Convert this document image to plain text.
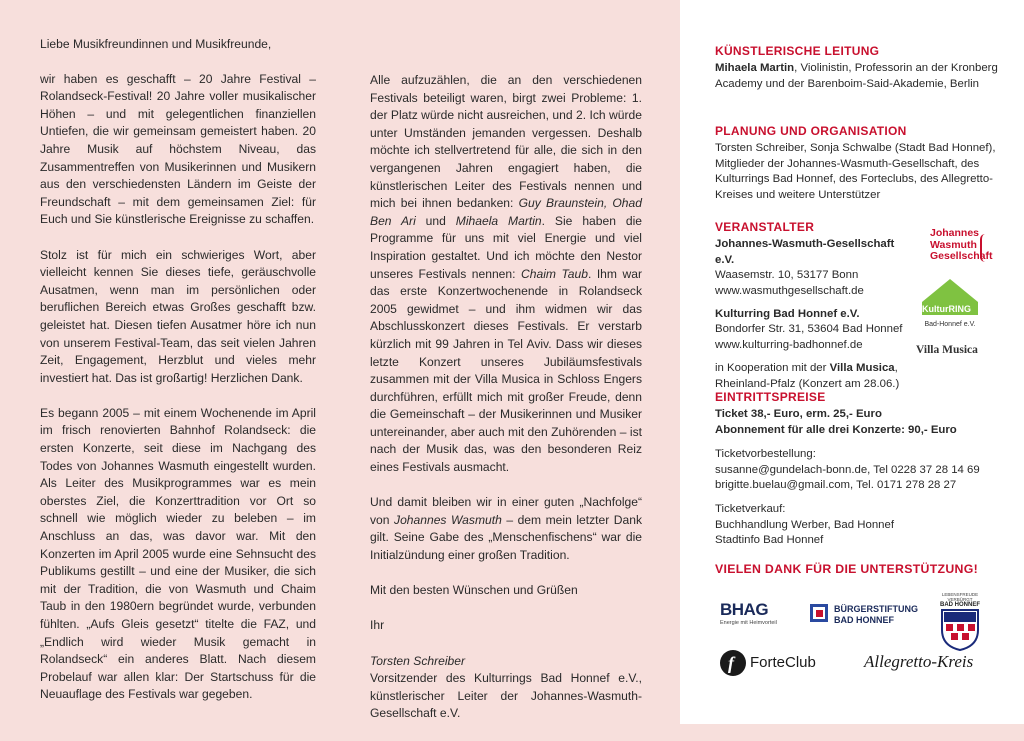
Liebe Musikfreundinnen und Musikfreunde,

wir haben es geschafft – 20 Jahre Festival – Rolandseck-Festival! 20 Jahre voller musikalischer Höhen – und mit gelegentlichen finanziellen Untiefen, die wir gemeinsam gemeistert haben. 20 Jahre Musik auf höchstem Niveau, das Zusammentreffen von Musikerinnen und Musikern aus den verschiedensten Ländern im Geiste der Freundschaft – mit dem gemeinsamen Ziel: für Euch und Sie künstlerische Ereignisse zu schaffen.

Stolz ist für mich ein schwieriges Wort, aber vielleicht kennen Sie dieses tiefe, geräuschvolle Ausatmen, wenn man im persönlichen oder beruflichen Bereich etwas Großes geschafft bzw. geleistet hat. Diesen tiefen Ausatmer höre ich nun von unserem Festival-Team, das seit vielen Jahren Zeit, Engagement, Herzblut und vieles mehr investiert hat. Das ist großartig! Herzlichen Dank.

Es begann 2005 – mit einem Wochenende im April im frisch renovierten Bahnhof Rolandseck: die ersten Konzerte, seit diese im Nachgang des Todes von Johannes Wasmuth eingestellt wurden. Als Leiter des Musikprogrammes war es mein oberstes Ziel, die Konzerttradition vor Ort so schnell wie möglich wieder zu beleben – im Anschluss an das, was davor war. Mit den Konzerten im April 2005 wurde eine Sehnsucht des Publikums gestillt – und eine der Musiker, die sich mit der Tradition, die von Wasmuth und Chaim Taub in den 1980ern begründet wurde, verbunden fühlten. „Aufs Gleis gesetzt“ titelte die FAZ, und „Endlich wird wieder Musik gemacht in Rolandseck“ ein anderes Blatt. Nach diesem Probelauf war allen klar: Der Startschuss für die Neuauflage des Festivals war gegeben.

Alle aufzuzählen, die an den verschiedenen Festivals beteiligt waren, birgt zwei Probleme: 1. der Platz würde nicht ausreichen, und 2. Ich würde unter Umständen jemanden vergessen. Deshalb möchte ich stellvertretend für alle, die sich in den vergangenen Jahren engagiert haben, die künstlerischen Leiter des Festivals nennen und mich bei ihnen bedanken: Guy Braunstein, Ohad Ben Ari und Mihaela Martin. Sie haben die Programme für uns mit viel Energie und viel Inspiration gestaltet. Und ich möchte den Nestor unseres Festivals nennen: Chaim Taub. Ihm war das erste Konzertwochenende in Rolandseck 2005 gewidmet – und ihm widmen wir das Abschlusskonzert dieses Festivals. Er verstarb kürzlich mit 99 Jahren in Tel Aviv. Dass wir dieses letzte Konzert unseres Jubiläumsfestivals zusammen mit der Villa Musica in Schloss Engers durchführen, erfüllt mich mit großer Freude, denn die Gemeinschaft – der Musikerinnen und Musiker untereinander, aber auch mit den Zuhörenden – ist nach der Musik das, was den besonderen Reiz eines Festivals ausmacht.

Und damit bleiben wir in einer guten „Nachfolge“ von Johannes Wasmuth – dem mein letzter Dank gilt. Seine Gabe des „Menschenfischens“ war die Initialzündung einer großen Tradition.

Mit den besten Wünschen und Grüßen

Ihr

Torsten Schreiber

Vorsitzender des Kulturrings Bad Honnef e.V., künstlerischer Leiter der Johannes-Wasmuth-Gesellschaft e.V.

KÜNSTLERISCHE LEITUNG

Mihaela Martin, Violinistin, Professorin an der Kronberg Academy und der Barenboim-Said-Akademie, Berlin

PLANUNG UND ORGANISATION

Torsten Schreiber, Sonja Schwalbe (Stadt Bad Honnef), Mitglieder der Johannes-Wasmuth-Gesellschaft, des Kulturrings Bad Honnef, des Forteclubs, des Allegretto-Kreises und weitere Unterstützer

VERANSTALTER

Johannes-Wasmuth-Gesellschaft e.V.

Waasemstr. 10, 53177 Bonn

www.wasmuthgesellschaft.de

Kulturring Bad Honnef e.V.

Bondorfer Str. 31, 53604 Bad Honnef

www.kulturring-badhonnef.de

in Kooperation mit der Villa Musica, Rheinland-Pfalz (Konzert am 28.06.)

Johannes
Wasmuth
Gesellschaft
KulturRING
Bad-Honnef e.V.
Villa Musica
EINTRITTSPREISE

Ticket 38,- Euro, erm. 25,- Euro

Abonnement für alle drei Konzerte: 90,- Euro

Ticketvorbestellung:

susanne@gundelach-bonn.de, Tel 0228 37 28 14 69

brigitte.buelau@gmail.com, Tel. 0171 278 28 27

Ticketverkauf:

Buchhandlung Werber, Bad Honnef

Stadtinfo Bad Honnef

VIELEN DANK FÜR DIE UNTERSTÜTZUNG!
BHAG
Energie mit Heimvorteil
BÜRGERSTIFTUNG
BAD HONNEF
LEBENSFREUDE VERBÜRGT
BAD HONNEF
f ForteClub	Allegretto-Kreis
